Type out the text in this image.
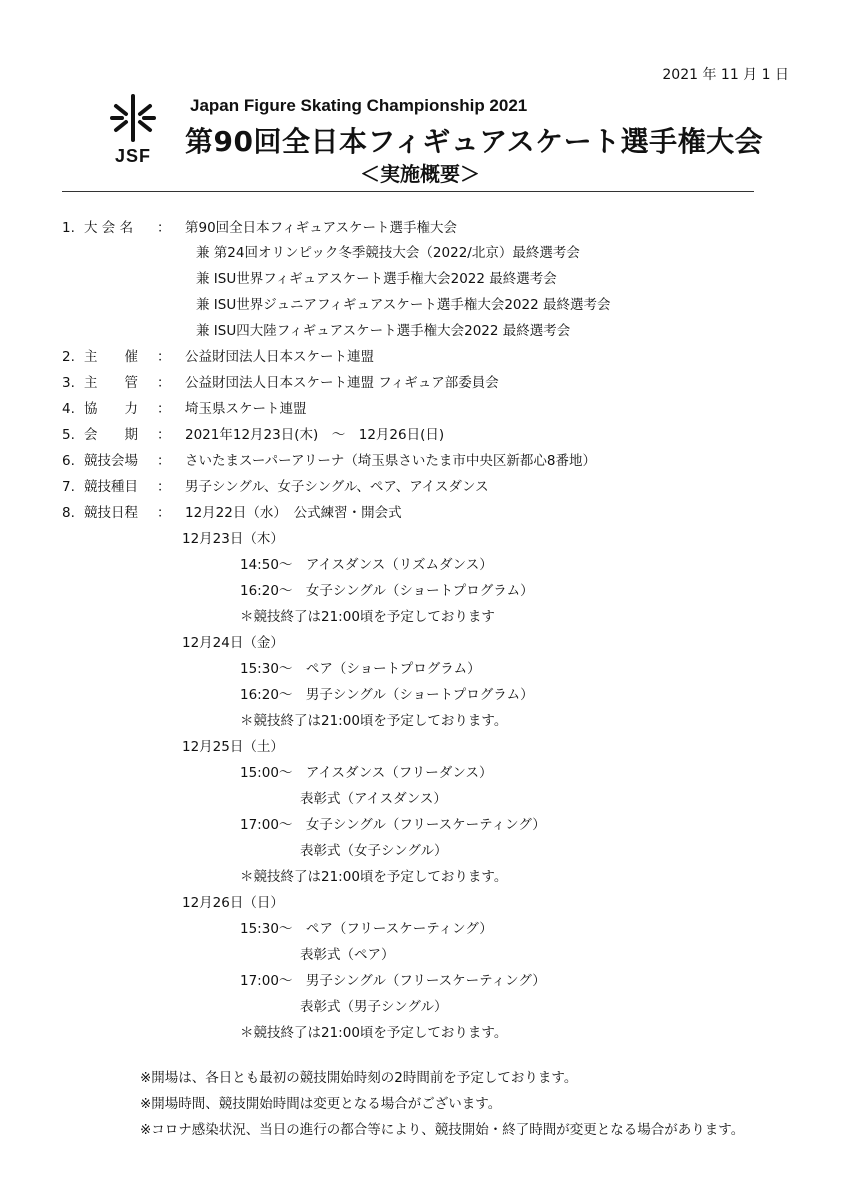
2021 年 11 月 1 日
JSF
Japan Figure Skating Championship 2021
第90回全日本フィギュアスケート選手権大会
＜実施概要＞
1. 大 会 名 ： 第90回全日本フィギュアスケート選手権大会
兼 第24回オリンピック冬季競技大会（2022/北京）最終選考会
兼 ISU世界フィギュアスケート選手権大会2022 最終選考会
兼 ISU世界ジュニアフィギュアスケート選手権大会2022 最終選考会
兼 ISU四大陸フィギュアスケート選手権大会2022 最終選考会
2. 主　　催 ： 公益財団法人日本スケート連盟
3. 主　　管 ： 公益財団法人日本スケート連盟 フィギュア部委員会
4. 協　　力 ： 埼玉県スケート連盟
5. 会　　期 ： 2021年12月23日(木)　～　12月26日(日)
6. 競技会場 ： さいたまスーパーアリーナ（埼玉県さいたま市中央区新都心8番地）
7. 競技種目 ： 男子シングル、女子シングル、ペア、アイスダンス
8. 競技日程 ： 12月22日（水）　公式練習・開会式
12月23日（木）
14:50～　アイスダンス（リズムダンス）
16:20～　女子シングル（ショートプログラム）
＊競技終了は21:00頃を予定しております
12月24日（金）
15:30～　ペア（ショートプログラム）
16:20～　男子シングル（ショートプログラム）
＊競技終了は21:00頃を予定しております。
12月25日（土）
15:00～　アイスダンス（フリーダンス）
表彰式（アイスダンス）
17:00～　女子シングル（フリースケーティング）
表彰式（女子シングル）
＊競技終了は21:00頃を予定しております。
12月26日（日）
15:30～　ペア（フリースケーティング）
表彰式（ペア）
17:00～　男子シングル（フリースケーティング）
表彰式（男子シングル）
＊競技終了は21:00頃を予定しております。
※開場は、各日とも最初の競技開始時刻の2時間前を予定しております。
※開場時間、競技開始時間は変更となる場合がございます。
※コロナ感染状況、当日の進行の都合等により、競技開始・終了時間が変更となる場合があります。
